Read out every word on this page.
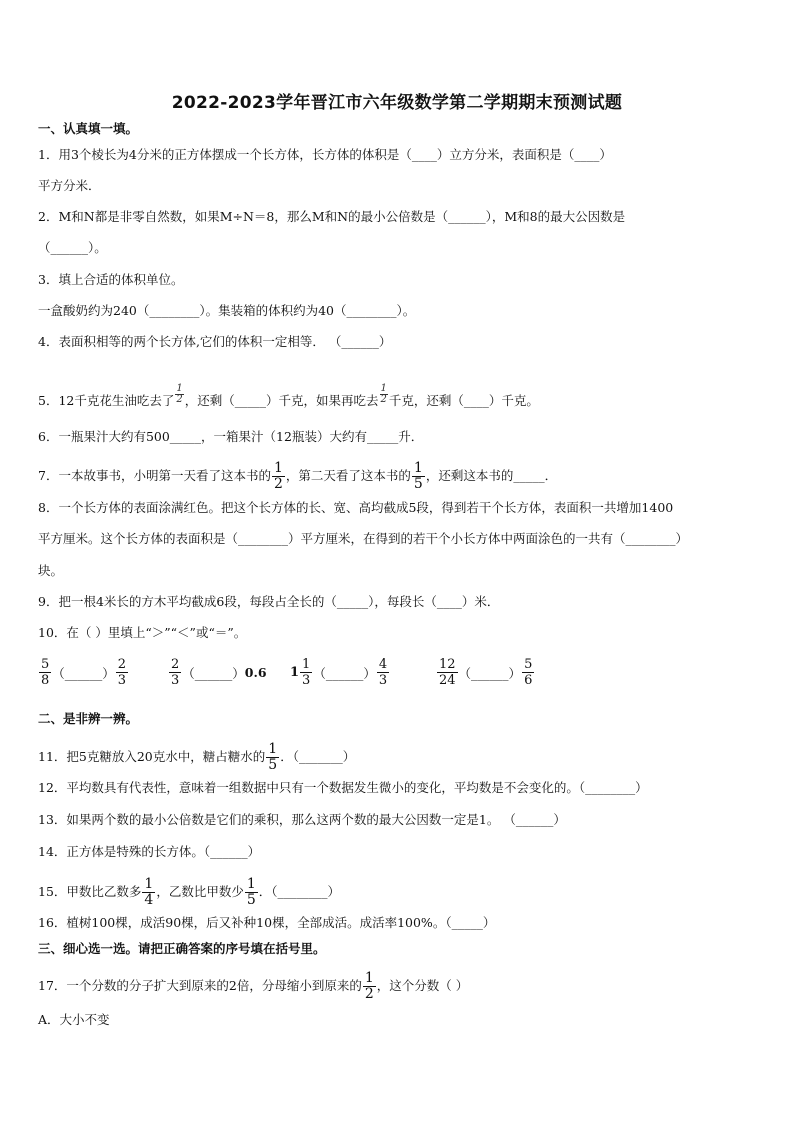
2022-2023学年晋江市六年级数学第二学期期末预测试题
一、认真填一填。
1．用3个棱长为4分米的正方体摆成一个长方体，长方体的体积是（____）立方分米，表面积是（____）
平方分米．
2．M和N都是非零自然数，如果M÷N＝8，那么M和N的最小公倍数是（______），M和8的最大公因数是
（______）。
3．填上合适的体积单位。
一盒酸奶约为240（________）。集装箱的体积约为40（________）。
4．表面积相等的两个长方体,它们的体积一定相等． （______）
5．12千克花生油吃去了 $\frac{1}{2}$ ，还剩（_____）千克，如果再吃去 $\frac{1}{2}$ 千克，还剩（____）千克。
6．一瓶果汁大约有500_____，一箱果汁（12瓶装）大约有_____升．
7．一本故事书，小明第一天看了这本书的 $\frac{1}{2}$ ，第二天看了这本书的 $\frac{1}{5}$ ，还剩这本书的_____．
8．一个长方体的表面涂满红色。把这个长方体的长、宽、高均截成5段，得到若干个长方体，表面积一共增加1400
平方厘米。这个长方体的表面积是（________）平方厘米，在得到的若干个小长方体中两面涂色的一共有（________）
块。
9．把一根4米长的方木平均截成6段，每段占全长的（_____），每段长（____）米．
10．在（ ）里填上“＞”“＜”或“＝”。
$\frac{5}{8}$ （______） $\frac{2}{3}$	$\frac{2}{3}$ （______） 0.6 $1 \frac{1}{3}$ （______） $\frac{4}{3}$	$\frac{12}{24}$ （______） $\frac{5}{6}$
二、是非辨一辨。
11．把5克糖放入20克水中，糖占糖水的 $\frac{1}{5}$ ．（_______）
12．平均数具有代表性，意味着一组数据中只有一个数据发生微小的变化，平均数是不会变化的。（________）
13．如果两个数的最小公倍数是它们的乘积，那么这两个数的最大公因数一定是1。 （______）
14．正方体是特殊的长方体。（______）
15．甲数比乙数多 $\frac{1}{4}$ ，乙数比甲数少 $\frac{1}{5}$ ．（________）
16．植树100棵，成活90棵，后又补种10棵，全部成活。成活率100%。（_____）
三、细心选一选。请把正确答案的序号填在括号里。
17．一个分数的分子扩大到原来的2倍，分母缩小到原来的 $\frac{1}{2}$ ，这个分数（ ）
A．大小不变
